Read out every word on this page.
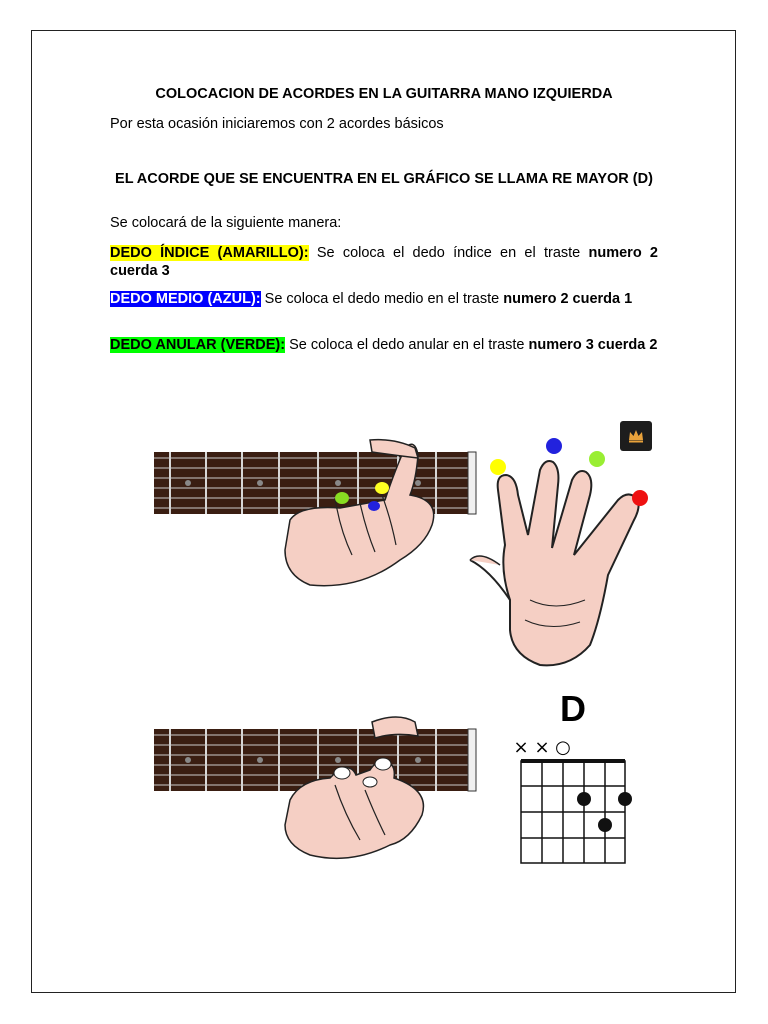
COLOCACION DE ACORDES EN LA GUITARRA MANO IZQUIERDA
Por esta ocasión iniciaremos con 2 acordes básicos
EL ACORDE QUE SE ENCUENTRA EN EL GRÁFICO SE LLAMA RE MAYOR (D)
Se colocará de la siguiente manera:
DEDO ÍNDICE (AMARILLO): Se coloca el dedo índice en el traste numero 2 cuerda 3
DEDO MEDIO (AZUL): Se coloca el dedo medio en el traste numero 2 cuerda 1
DEDO ANULAR (VERDE): Se coloca el dedo anular en el traste numero 3 cuerda 2
× × ○
D
